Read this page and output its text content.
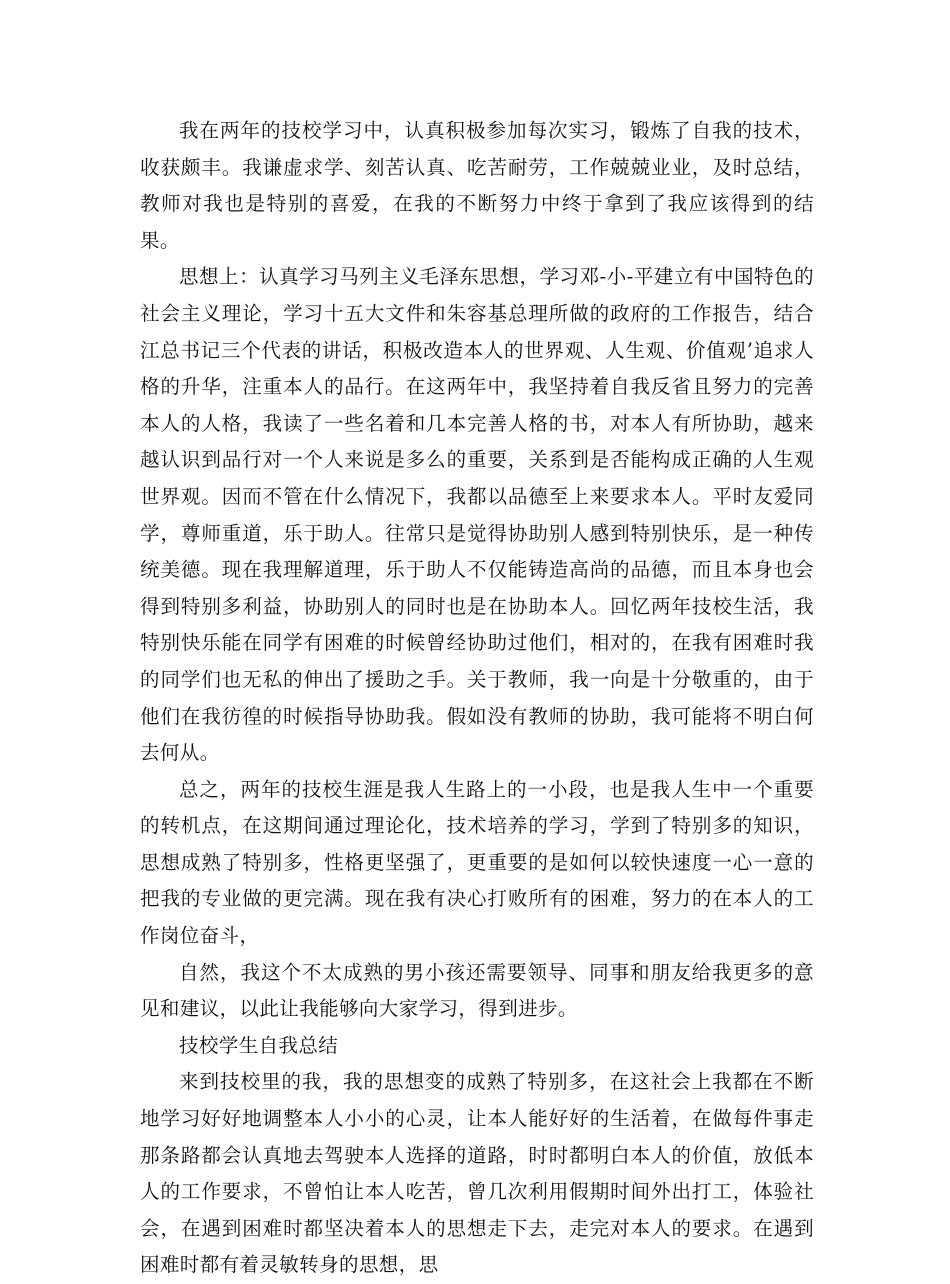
我在两年的技校学习中，认真积极参加每次实习，锻炼了自我的技术，收获颇丰。我谦虚求学、刻苦认真、吃苦耐劳，工作兢兢业业，及时总结，教师对我也是特别的喜爱，在我的不断努力中终于拿到了我应该得到的结果。

思想上：认真学习马列主义毛泽东思想，学习邓-小-平建立有中国特色的社会主义理论，学习十五大文件和朱容基总理所做的政府的工作报告，结合江总书记三个代表的讲话，积极改造本人的世界观、人生观、价值观’追求人格的升华，注重本人的品行。在这两年中，我坚持着自我反省且努力的完善本人的人格，我读了一些名着和几本完善人格的书，对本人有所协助，越来越认识到品行对一个人来说是多么的重要，关系到是否能构成正确的人生观世界观。因而不管在什么情况下，我都以品德至上来要求本人。平时友爱同学，尊师重道，乐于助人。往常只是觉得协助别人感到特别快乐，是一种传统美德。现在我理解道理，乐于助人不仅能铸造高尚的品德，而且本身也会得到特别多利益，协助别人的同时也是在协助本人。回忆两年技校生活，我特别快乐能在同学有困难的时候曾经协助过他们，相对的，在我有困难时我的同学们也无私的伸出了援助之手。关于教师，我一向是十分敬重的，由于他们在我彷徨的时候指导协助我。假如没有教师的协助，我可能将不明白何去何从。

总之，两年的技校生涯是我人生路上的一小段，也是我人生中一个重要的转机点，在这期间通过理论化，技术培养的学习，学到了特别多的知识，思想成熟了特别多，性格更坚强了，更重要的是如何以较快速度一心一意的把我的专业做的更完满。现在我有决心打败所有的困难，努力的在本人的工作岗位奋斗，

自然，我这个不太成熟的男小孩还需要领导、同事和朋友给我更多的意见和建议，以此让我能够向大家学习，得到进步。

技校学生自我总结

来到技校里的我，我的思想变的成熟了特别多，在这社会上我都在不断地学习好好地调整本人小小的心灵，让本人能好好的生活着，在做每件事走那条路都会认真地去驾驶本人选择的道路，时时都明白本人的价值，放低本人的工作要求，不曾怕让本人吃苦，曾几次利用假期时间外出打工，体验社会，在遇到困难时都坚决着本人的思想走下去，走完对本人的要求。在遇到困难时都有着灵敏转身的思想，思
